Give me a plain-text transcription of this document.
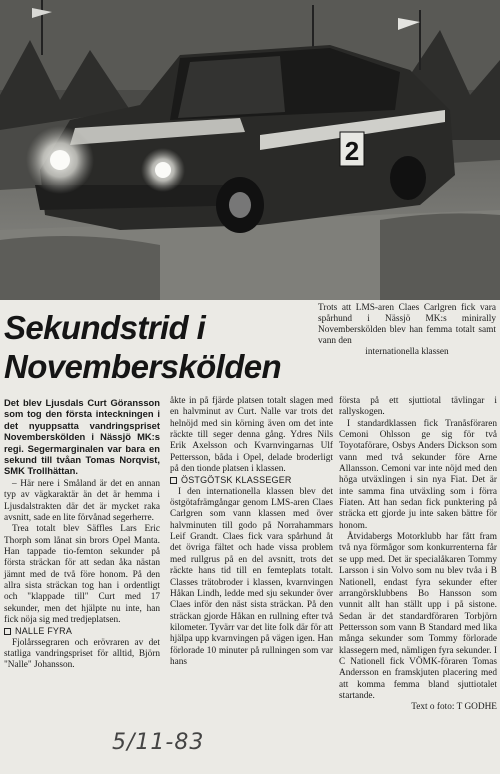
2
Trots att LMS-aren Claes Carlgren fick vara spårhund i Nässjö MK:s minirally Novemberskölden blev han femma totalt samt vann den
internationella klassen
Sekundstrid i
Novemberskölden
Det blev Ljusdals Curt Göransson som tog den första inteckningen i det nyuppsatta vandringspriset Novemberskölden i Nässjö MK:s regi. Segermarginalen var bara en sekund till tvåan Tomas Norqvist, SMK Trollhättan.

– Här nere i Småland är det en annan typ av vägkaraktär än det är hemma i Ljusdalstrakten där det är mycket raka avsnitt, sade en lite förvånad segerherre.

Trea totalt blev Säffles Lars Eric Thorph som lånat sin brors Opel Manta. Han tappade tio-femton sekunder på första sträckan för att sedan åka nästan jämnt med de två före honom. På den allra sista sträckan tog han i ordentligt och "klappade till" Curt med 17 sekunder, men det hjälpte nu inte, han fick nöja sig med tredjeplatsen.

NALLE FYRA

Fjolårssegraren och erövraren av det statliga vandringspriset för alltid, Björn "Nalle" Johansson.

åkte in på fjärde platsen totalt slagen med en halvminut av Curt. Nalle var trots det helnöjd med sin körning även om det inte räckte till seger denna gång. Ydres Nils Erik Axelsson och Kvarnvingarnas Ulf Pettersson, båda i Opel, delade broderligt på den tionde platsen i klassen.

ÖSTGÖTSK KLASSEGER

I den internationella klassen blev det östgötafrämgångar genom LMS-aren Claes Carlgren som vann klassen med över halvminuten till godo på Norrahammars Leif Grandt. Claes fick vara spårhund åt det övriga fältet och hade vissa problem med rullgrus på en del avsnitt, trots det räckte hans tid till en femteplats totalt. Classes trätobroder i klassen, kvarnvingen Håkan Lindh, ledde med sju sekunder över Claes inför den näst sista sträckan. På den sträckan gjorde Håkan en rullning efter två kilometer. Tyvärr var det lite folk där för att hjälpa upp kvarnvingen på vägen igen. Han förlorade 10 minuter på rullningen som var hans

första på ett sjuttiotal tävlingar i rallyskogen.

I standardklassen fick Tranåsföraren Cemoni Ohlsson ge sig för två Toyotaförare, Osbys Anders Dickson som vann med två sekunder före Arne Allansson. Cemoni var inte nöjd med den höga utväxlingen i sin nya Fiat. Det är inte samma fina utväxling som i förra Fiaten. Att han sedan fick punktering på sträcka ett gjorde ju inte saken bättre för honom.

Åtvidabergs Motorklubb har fått fram två nya förmågor som konkurrenterna får se upp med. Det är specialåkaren Tommy Larsson i sin Volvo som nu blev tvåa i B Nationell, endast fyra sekunder efter arrangörsklubbens Bo Hansson som vunnit allt han ställt upp i på sistone. Sedan är det standardföraren Torbjörn Pettersson som vann B Standard med lika många sekunder som Tommy förlorade klassegern med, nämligen fyra sekunder. I C Nationell fick VÖMK-föraren Tomas Andersson en framskjuten placering med att komma femma bland sjuttiotalet startande.

Text o foto: T GODHE

5/11-83
